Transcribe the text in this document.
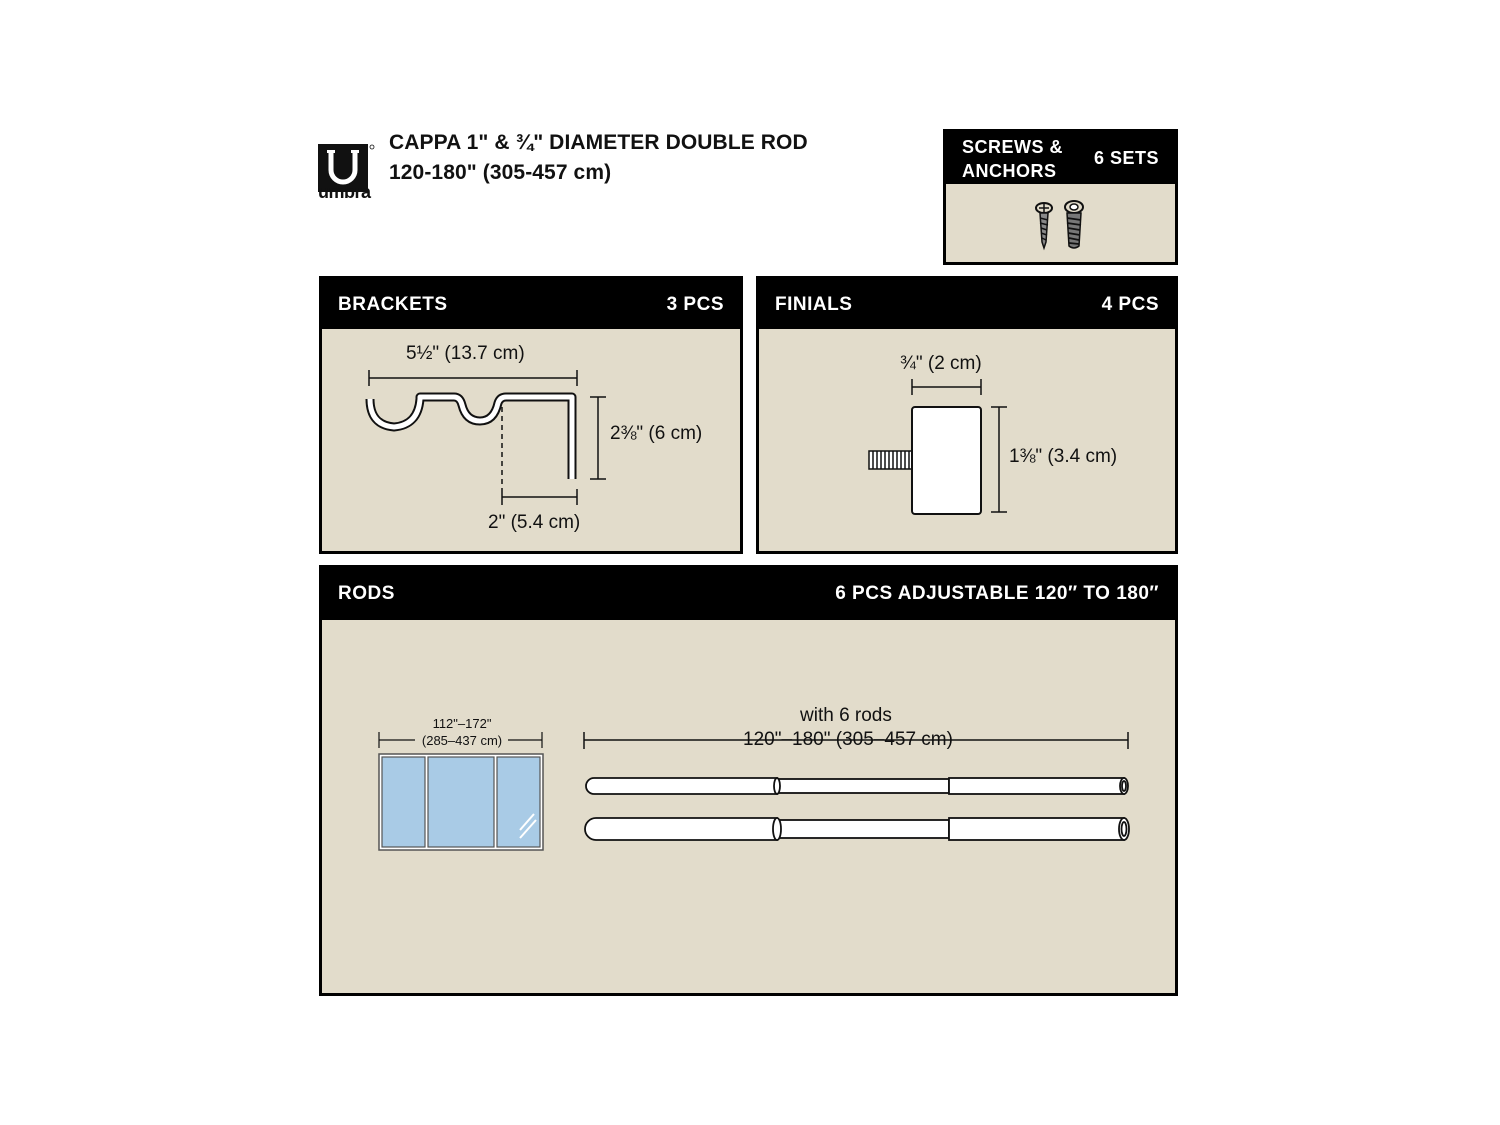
umbra
CAPPA 1" & ¾" DIAMETER DOUBLE ROD
120-180" (305-457 cm)
SCREWS & ANCHORS
6 SETS
BRACKETS	3 PCS
5½" (13.7 cm)
2⅜" (6 cm)
2" (5.4 cm)
FINIALS	4 PCS
¾" (2 cm)
1⅜" (3.4 cm)
RODS	6 PCS ADJUSTABLE 120″ TO 180″
112"–172"
(285–437 cm)
with 6 rods
120"–180" (305–457 cm)
